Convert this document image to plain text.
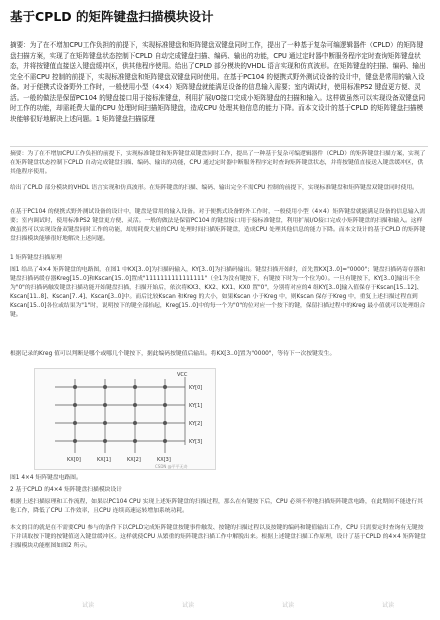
基于CPLD 的矩阵键盘扫描模块设计

摘要：为了在不增加CPU工作负担的前提下，实现标准键盘和矩阵键盘双键盘同时工作，提出了一种基于复杂可编逻辑器件（CPLD）的矩阵键盘扫描方案，实现了在矩阵键盘状态控制下CPLD 自动完成键盘扫描、编码、输出的功能，CPU 通过定时器中断服务程序定时查询矩阵键盘状态，并将按键值直接送入键盘缓冲区，供其他程序使用。给出了CPLD 部分模块的VHDL 语言实现和仿真波形。在矩阵键盘的扫描、编码、输出完全不需CPU 控制的前提下，实现标准键盘和矩阵键盘双键盘同时使用。在基于PC104 的便携式野外测试设备的设计中，键盘是常用的输入设备。对于便携式设备野外工作时，一般使用小型（4×4）矩阵键盘就能满足设备的信息输入需要；室内调试时，使用标准PS2 键盘更方便、灵活。一般的做法是保留PC104 的键盘接口用于接标准键盘，利用扩展I/O接口完成小矩阵键盘的扫描和输入。这样做虽然可以实现设备双键盘同时工作的功能，却需耗费大量的CPU 处理时间扫描矩阵键盘，造成CPU 处理其他信息的能力下降。而本文设计的基于CPLD 的矩阵键盘扫描模块能够很好地解决上述问题。1 矩阵键盘扫描原理

摘要：为了在不增加CPU工作负担的前提下，实现标准键盘和矩阵键盘双键盘同时工作，提出了一种基于复杂可编逻辑器件（CPLD）的矩阵键盘扫描方案，实现了在矩阵键盘状态控制下CPLD 自动完成键盘扫描、编码、输出的功能，CPU 通过定时器中断服务程序定时查询矩阵键盘状态，并将按键值直接送入键盘缓冲区，供其他程序使用。

给出了CPLD 部分模块的VHDL 语言实现和仿真波形。在矩阵键盘的扫描、编码、输出完全不需CPU 控制的前提下，实现标准键盘和矩阵键盘双键盘同时使用。

在基于PC104 的便携式野外测试设备的设计中，键盘是常用的输入设备。对于便携式设备野外工作时，一般使用小型（4×4）矩阵键盘就能满足设备的信息输入需要；室内调试时，使用标准PS2 键盘更方便、灵活。一般的做法是保留PC104 的键盘接口用于接标准键盘，利用扩展I/O接口完成小矩阵键盘的扫描和输入。这样做虽然可以实现设备双键盘同时工作的功能，却需耗费大量的CPU 处理时间扫描矩阵键盘，造成CPU 处理其他信息的能力下降。而本文设计的基于CPLD 的矩阵键盘扫描模块能够很好地解决上述问题。

1 矩阵键盘扫描原理

图1 给出了4×4 矩阵键盘的电路图，在图1 中KX[3..0]为扫描码输入，KY[3..0]为扫描码输出。键盘扫描开始时，首先置KX[3..0]="0000"；键盘扫描码寄存器和键盘扫描码缓存器Kreg[15..0]和Kscan[15..0]置成"1111111111111111"（全1为没有键按下，有键按下时为一个位为0）。一旦有键按下，KY[3..0]输出不全为"0"的扫描码触发键盘扫描功能开始键盘扫描，扫描开始后，依次将KX3、KX2、KX1、KX0 置"0"，分别将对应的4 组KY[3..0]输入值保存于Kscan[15..12]、Kscan[11..8]、Kscan[7..4]、Kscan[3..0]中。而后比较Kscan 和Kreg 的大小，如果Kscan 小于Kreg 中，则Kscan 保存于Kreg 中，重复上述扫描过程直到Kscan[15..0]各位或结果为"1"时，说明按下的键全部抬起，Kreg[15..0]中的每一个为"0"的位对应一个按下的键，保留扫描过程中的Kreg 最小值就可以处理组合键。

根据记录的Kreg 值可以判断是哪个或哪几个键按下，据此编码按键值后输出。将KX[3..0]置为"0000"，等待下一次按键发生。

KY[0]
KY[1]
KY[2]
KY[3]
VCC
KX[0]	KX[1]	KX[2]	KX[3]
CSDN @平平无奇

图1 4×4 矩阵键盘电路图。

2 基于CPLD 的4×4 矩阵键盘扫描模块设计

根据上述扫描原理和工作流程，如果以PC104 CPU 实现上述矩阵键盘的扫描过程，那么在有键按下后，CPU 必须不停地扫描矩阵键盘电路，在此期间不能进行其他工作，降低了CPU 工作效率，且CPU 连续高速运转增加系统功耗。

本文的目的就是在不需要CPU 参与的条件下以CPLD完成矩阵键盘按键事件触发、按键的扫描过程以及按键的编码和键值输出工作，CPU 只需要定时查询有无键按下并读取按下键的按键值送入键盘缓冲区。这样就使CPU 从繁重的矩阵键盘扫描工作中解脱出来。根据上述键盘扫描工作原理，设计了基于CPLD 的4×4 矩阵键盘扫描模块功能框图如图2 所示。

试读	试读	试读	试读
